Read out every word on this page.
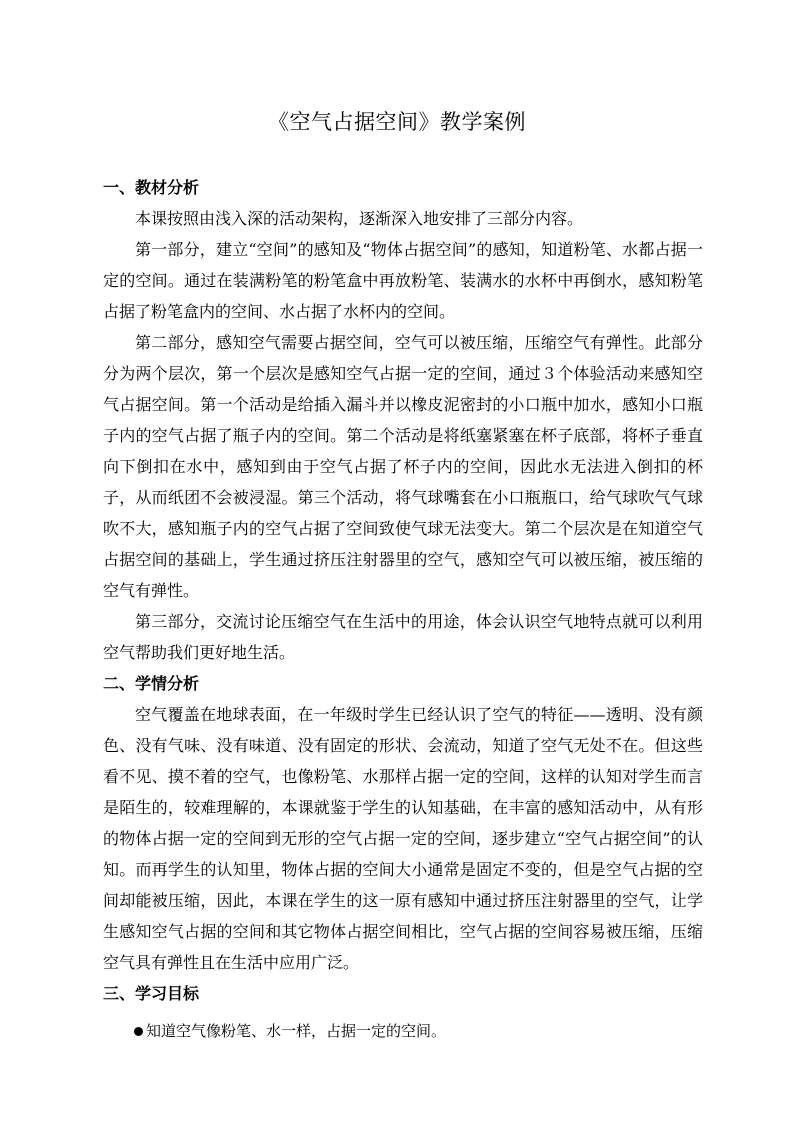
《空气占据空间》教学案例
一、教材分析

本课按照由浅入深的活动架构，逐渐深入地安排了三部分内容。

第一部分，建立“空间”的感知及“物体占据空间”的感知，知道粉笔、水都占据一定的空间。通过在装满粉笔的粉笔盒中再放粉笔、装满水的水杯中再倒水，感知粉笔占据了粉笔盒内的空间、水占据了水杯内的空间。

第二部分，感知空气需要占据空间，空气可以被压缩，压缩空气有弹性。此部分分为两个层次，第一个层次是感知空气占据一定的空间，通过３个体验活动来感知空气占据空间。第一个活动是给插入漏斗并以橡皮泥密封的小口瓶中加水，感知小口瓶子内的空气占据了瓶子内的空间。第二个活动是将纸塞紧塞在杯子底部，将杯子垂直向下倒扣在水中，感知到由于空气占据了杯子内的空间，因此水无法进入倒扣的杯子，从而纸团不会被浸湿。第三个活动，将气球嘴套在小口瓶瓶口，给气球吹气气球吹不大，感知瓶子内的空气占据了空间致使气球无法变大。第二个层次是在知道空气占据空间的基础上，学生通过挤压注射器里的空气，感知空气可以被压缩，被压缩的空气有弹性。

第三部分，交流讨论压缩空气在生活中的用途，体会认识空气地特点就可以利用空气帮助我们更好地生活。

二、学情分析

空气覆盖在地球表面，在一年级时学生已经认识了空气的特征——透明、没有颜色、没有气味、没有味道、没有固定的形状、会流动，知道了空气无处不在。但这些看不见、摸不着的空气，也像粉笔、水那样占据一定的空间，这样的认知对学生而言是陌生的，较难理解的，本课就鉴于学生的认知基础，在丰富的感知活动中，从有形的物体占据一定的空间到无形的空气占据一定的空间，逐步建立“空气占据空间”的认知。而再学生的认知里，物体占据的空间大小通常是固定不变的，但是空气占据的空间却能被压缩，因此，本课在学生的这一原有感知中通过挤压注射器里的空气，让学生感知空气占据的空间和其它物体占据空间相比，空气占据的空间容易被压缩，压缩空气具有弹性且在生活中应用广泛。

三、学习目标
知道空气像粉笔、水一样，占据一定的空间。
